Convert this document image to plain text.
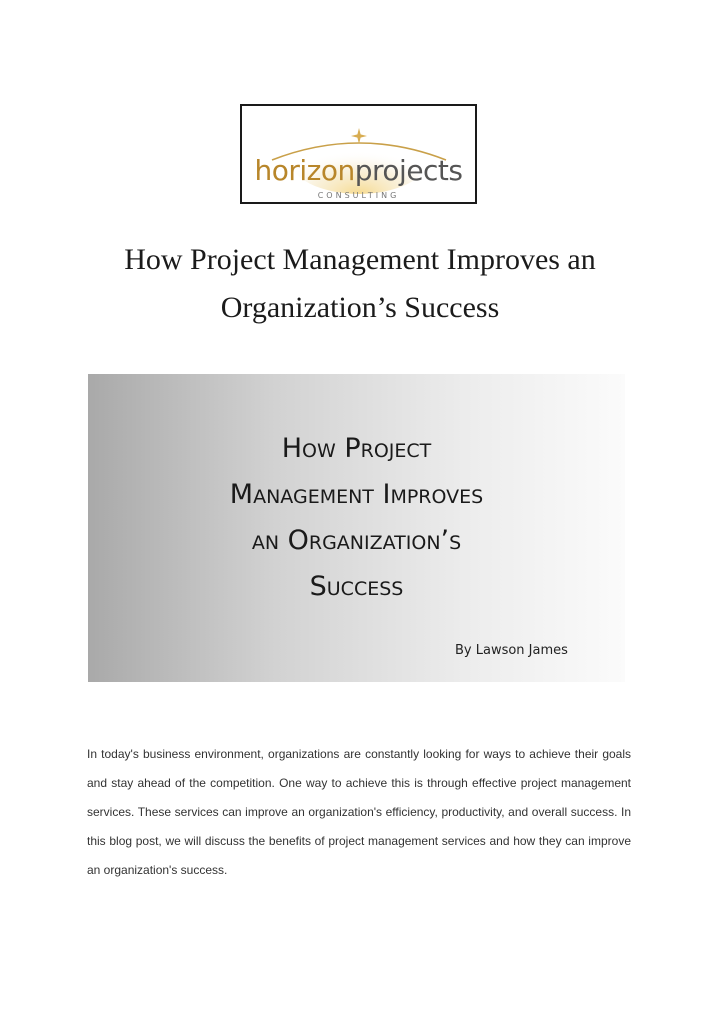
horizonprojects
CONSULTING
How Project Management Improves an Organization’s Success
How Project
Management Improves
an Organization’s
Success
By Lawson James

In today's business environment, organizations are constantly looking for ways to achieve their goals and stay ahead of the competition. One way to achieve this is through effective project management services. These services can improve an organization's efficiency, productivity, and overall success. In this blog post, we will discuss the benefits of project management services and how they can improve an organization's success.
